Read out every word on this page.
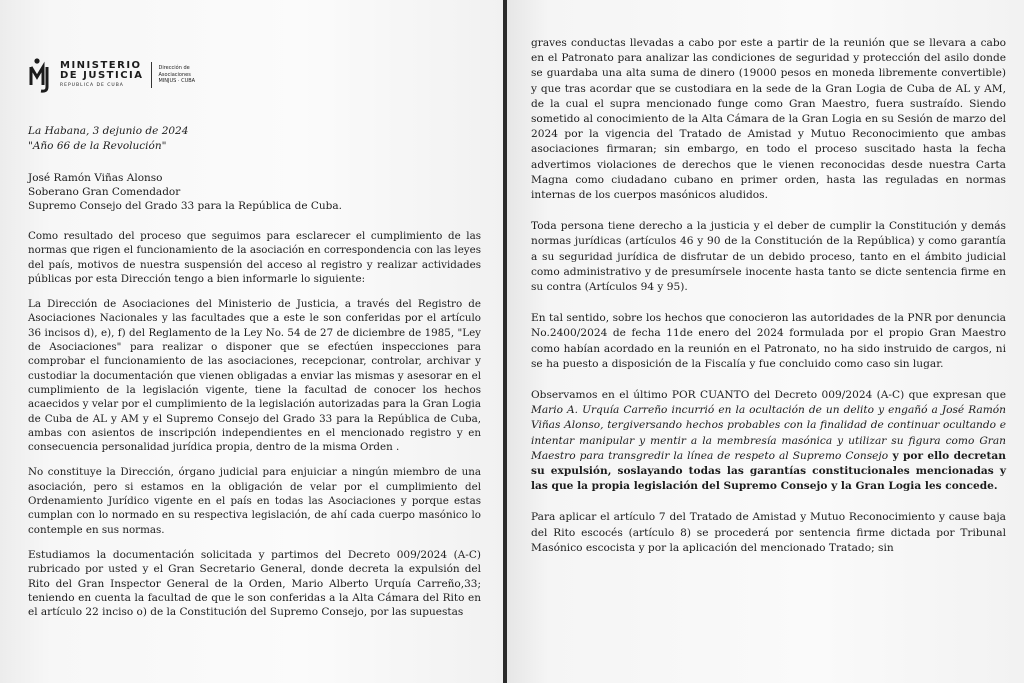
MINISTERIO
DE JUSTICIA
REPUBLICA DE CUBA
Dirección de
Asociaciones
MINJUS · CUBA
La Habana, 3 dejunio de 2024
"Año 66 de la Revolución"
José Ramón Viñas Alonso
Soberano Gran Comendador
Supremo Consejo del Grado 33 para la República de Cuba.

Como resultado del proceso que seguimos para esclarecer el cumplimiento de las normas que rigen el funcionamiento de la asociación en correspondencia con las leyes del país, motivos de nuestra suspensión del acceso al registro y realizar actividades públicas por esta Dirección tengo a bien informarle lo siguiente:

La Dirección de Asociaciones del Ministerio de Justicia, a través del Registro de Asociaciones Nacionales y las facultades que a este le son conferidas por el artículo 36 incisos d), e), f) del Reglamento de la Ley No. 54 de 27 de diciembre de 1985, "Ley de Asociaciones" para realizar o disponer que se efectúen inspecciones para comprobar el funcionamiento de las asociaciones, recepcionar, controlar, archivar y custodiar la documentación que vienen obligadas a enviar las mismas y asesorar en el cumplimiento de la legislación vigente, tiene la facultad de conocer los hechos acaecidos y velar por el cumplimiento de la legislación autorizadas para la Gran Logia de Cuba de AL y AM y el Supremo Consejo del Grado 33 para la República de Cuba, ambas con asientos de inscripción independientes en el mencionado registro y en consecuencia personalidad jurídica propia, dentro de la misma Orden .

No constituye la Dirección, órgano judicial para enjuiciar a ningún miembro de una asociación, pero si estamos en la obligación de velar por el cumplimiento del Ordenamiento Jurídico vigente en el país en todas las Asociaciones y porque estas cumplan con lo normado en su respectiva legislación, de ahí cada cuerpo masónico lo contemple en sus normas.

Estudiamos la documentación solicitada y partimos del Decreto 009/2024 (A-C) rubricado por usted y el Gran Secretario General, donde decreta la expulsión del Rito del Gran Inspector General de la Orden, Mario Alberto Urquía Carreño,33; teniendo en cuenta la facultad de que le son conferidas a la Alta Cámara del Rito en el artículo 22 inciso o) de la Constitución del Supremo Consejo, por las supuestas

graves conductas llevadas a cabo por este a partir de la reunión que se llevara a cabo en el Patronato para analizar las condiciones de seguridad y protección del asilo donde se guardaba una alta suma de dinero (19000 pesos en moneda libremente convertible) y que tras acordar que se custodiara en la sede de la Gran Logia de Cuba de AL y AM, de la cual el supra mencionado funge como Gran Maestro, fuera sustraído. Siendo sometido al conocimiento de la Alta Cámara de la Gran Logia en su Sesión de marzo del 2024 por la vigencia del Tratado de Amistad y Mutuo Reconocimiento que ambas asociaciones firmaran; sin embargo, en todo el proceso suscitado hasta la fecha advertimos violaciones de derechos que le vienen reconocidas desde nuestra Carta Magna como ciudadano cubano en primer orden, hasta las reguladas en normas internas de los cuerpos masónicos aludidos.

Toda persona tiene derecho a la justicia y el deber de cumplir la Constitución y demás normas jurídicas (artículos 46 y 90 de la Constitución de la República) y como garantía a su seguridad jurídica de disfrutar de un debido proceso, tanto en el ámbito judicial como administrativo y de presumírsele inocente hasta tanto se dicte sentencia firme en su contra (Artículos 94 y 95).

En tal sentido, sobre los hechos que conocieron las autoridades de la PNR por denuncia No.2400/2024 de fecha 11de enero del 2024 formulada por el propio Gran Maestro como habían acordado en la reunión en el Patronato, no ha sido instruido de cargos, ni se ha puesto a disposición de la Fiscalía y fue concluido como caso sin lugar.

Observamos en el último POR CUANTO del Decreto 009/2024 (A-C) que expresan que Mario A. Urquía Carreño incurrió en la ocultación de un delito y engañó a José Ramón Viñas Alonso, tergiversando hechos probables con la finalidad de continuar ocultando e intentar manipular y mentir a la membresía masónica y utilizar su figura como Gran Maestro para transgredir la línea de respeto al Supremo Consejo y por ello decretan su expulsión, soslayando todas las garantías constitucionales mencionadas y las que la propia legislación del Supremo Consejo y la Gran Logia les concede.

Para aplicar el artículo 7 del Tratado de Amistad y Mutuo Reconocimiento y cause baja del Rito escocés (artículo 8) se procederá por sentencia firme dictada por Tribunal Masónico escocista y por la aplicación del mencionado Tratado; sin
